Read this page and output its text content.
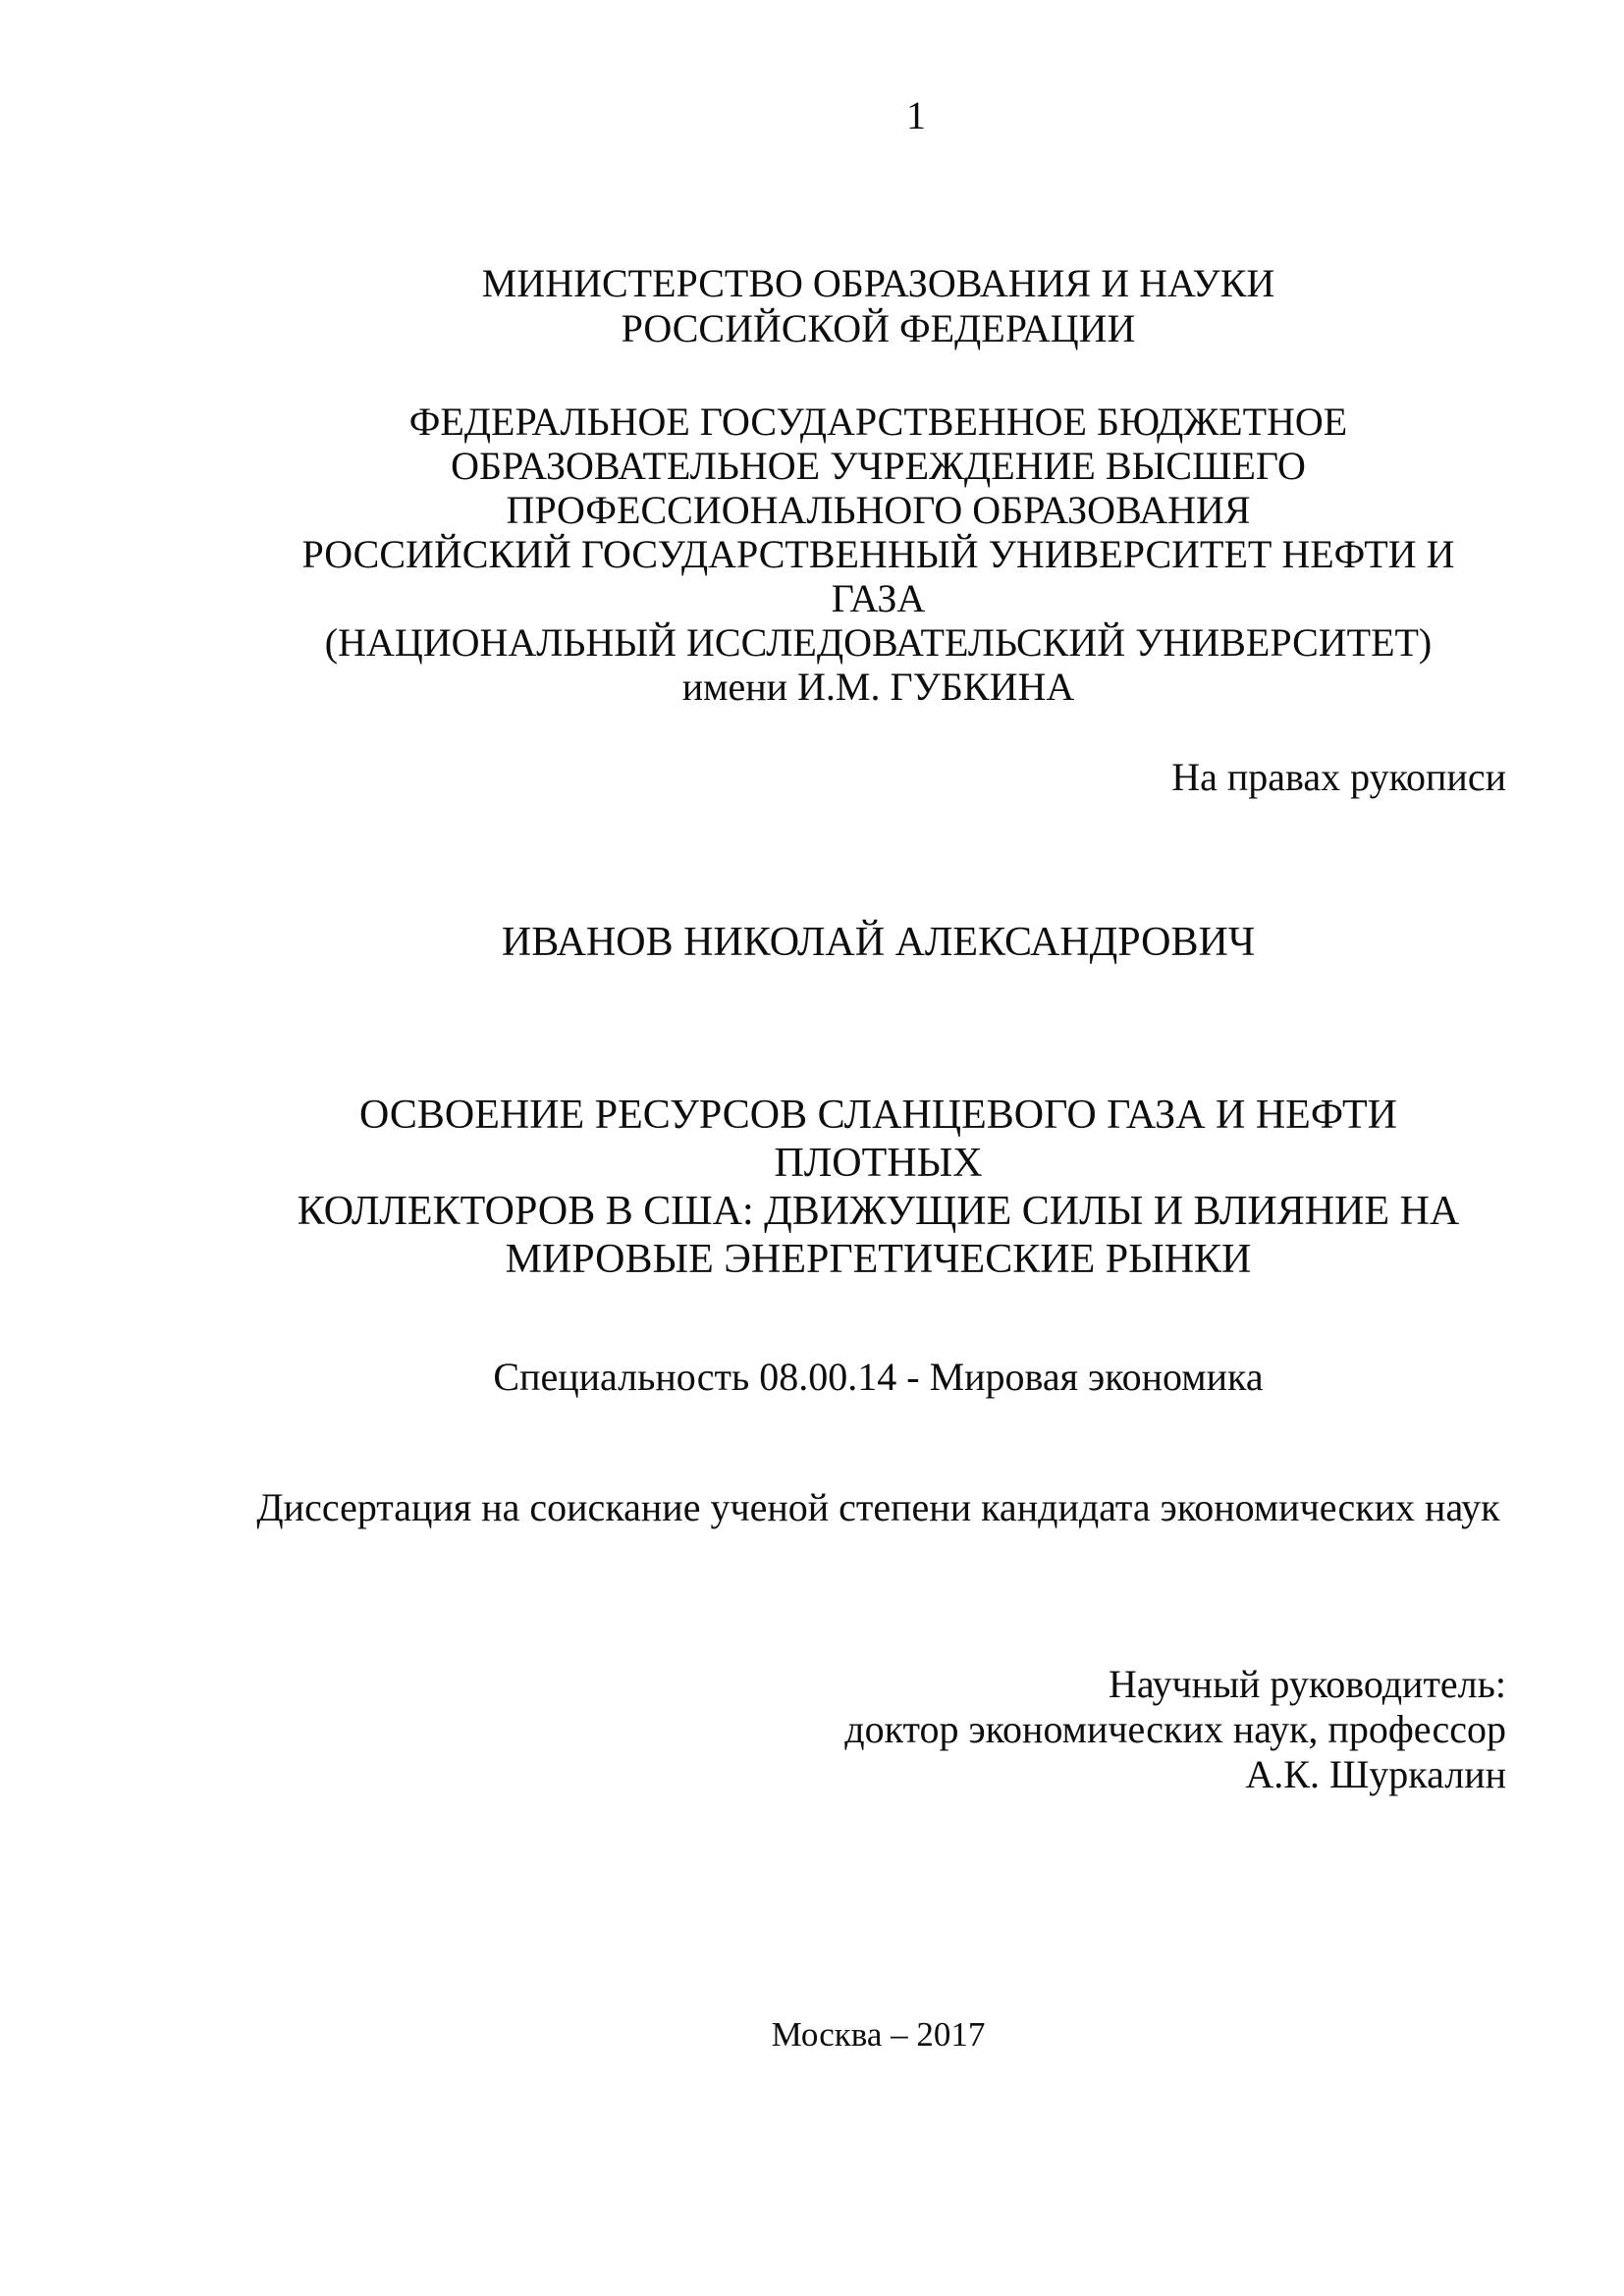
1
МИНИСТЕРСТВО ОБРАЗОВАНИЯ И НАУКИ
РОССИЙСКОЙ ФЕДЕРАЦИИ
ФЕДЕРАЛЬНОЕ ГОСУДАРСТВЕННОЕ БЮДЖЕТНОЕ
ОБРАЗОВАТЕЛЬНОЕ УЧРЕЖДЕНИЕ ВЫСШЕГО
ПРОФЕССИОНАЛЬНОГО ОБРАЗОВАНИЯ
РОССИЙСКИЙ ГОСУДАРСТВЕННЫЙ УНИВЕРСИТЕТ НЕФТИ И ГАЗА
(НАЦИОНАЛЬНЫЙ ИССЛЕДОВАТЕЛЬСКИЙ УНИВЕРСИТЕТ)
имени И.М. ГУБКИНА
На правах рукописи
ИВАНОВ НИКОЛАЙ АЛЕКСАНДРОВИЧ
ОСВОЕНИЕ РЕСУРСОВ СЛАНЦЕВОГО ГАЗА И НЕФТИ ПЛОТНЫХ
КОЛЛЕКТОРОВ В США: ДВИЖУЩИЕ СИЛЫ И ВЛИЯНИЕ НА
МИРОВЫЕ ЭНЕРГЕТИЧЕСКИЕ РЫНКИ
Специальность 08.00.14 - Мировая экономика
Диссертация на соискание ученой степени кандидата экономических наук
Научный руководитель:
доктор экономических наук, профессор
А.К. Шуркалин
Москва – 2017
